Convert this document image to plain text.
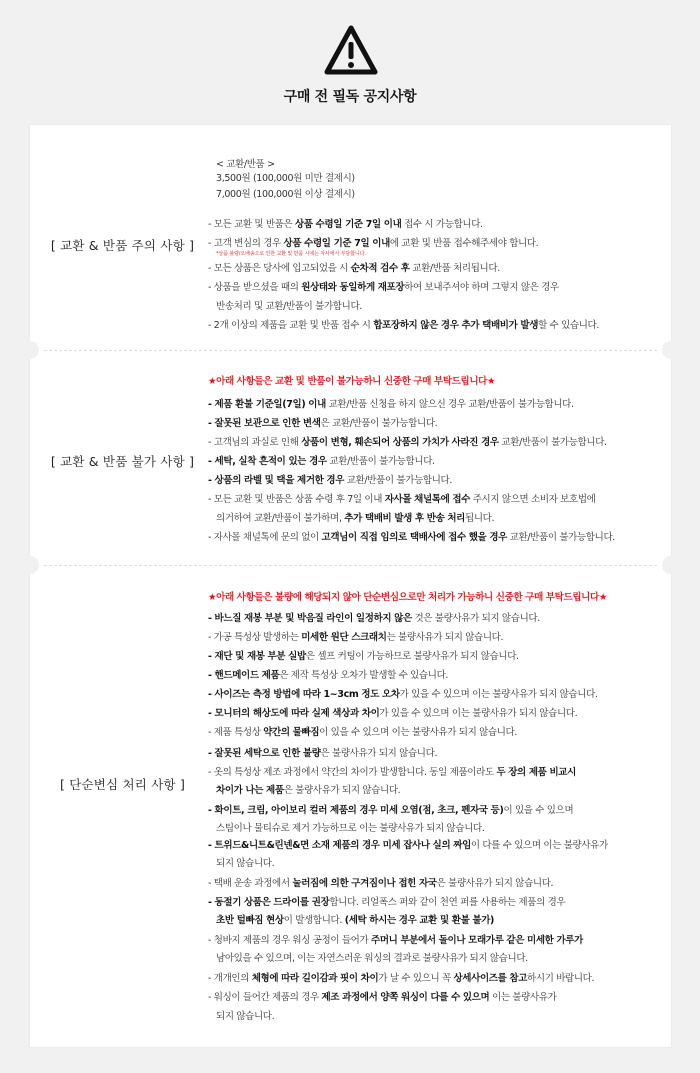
구매 전 필독 공지사항
[ 교환 & 반품 주의 사항 ]
< 교환/반품 >
3,500원 (100,000원 미만 결제시)
7,000원 (100,000원 이상 결제시)
- 모든 교환 및 반품은 상품 수령일 기준 7일 이내 접수 시 가능합니다.
- 고객 변심의 경우 상품 수령일 기준 7일 이내에 교환 및 반품 접수해주세야 합니다.
*상품 불량/오배송으로 인한 교환 및 반품 시에는 자사에서 부담합니다.
- 모든 상품은 당사에 입고되었을 시 순차적 검수 후 교환/반품 처리됩니다.
- 상품을 받으셨을 때의 원상태와 동일하게 재포장하여 보내주셔야 하며 그렇지 않은 경우
반송처리 및 교환/반품이 불가합니다.
- 2개 이상의 제품을 교환 및 반품 접수 시 합포장하지 않은 경우 추가 택배비가 발생할 수 있습니다.
[ 교환 & 반품 불가 사항 ]
★아래 사항들은 교환 및 반품이 불가능하니 신중한 구매 부탁드립니다★
- 제품 환불 기준일(7일) 이내 교환/반품 신청을 하지 않으신 경우 교환/반품이 불가능합니다.
- 잘못된 보관으로 인한 변색은 교환/반품이 불가능합니다.
- 고객님의 과실로 인해 상품이 변형, 훼손되어 상품의 가치가 사라진 경우 교환/반품이 불가능합니다.
- 세탁, 실착 흔적이 있는 경우 교환/반품이 불가능합니다.
- 상품의 라벨 및 택을 제거한 경우 교환/반품이 불가능합니다.
- 모든 교환 및 반품은 상품 수령 후 7일 이내 자사몰 채널톡에 접수 주시지 않으면 소비자 보호법에
의거하여 교환/반품이 불가하며, 추가 택배비 발생 후 반송 처리됩니다.
- 자사몰 채널톡에 문의 없이 고객님이 직접 임의로 택배사에 접수 했을 경우 교환/반품이 불가능합니다.
[ 단순변심 처리 사항 ]
★아래 사항들은 불량에 해당되지 않아 단순변심으로만 처리가 가능하니 신중한 구매 부탁드립니다★
- 바느질 재봉 부분 및 박음질 라인이 일정하지 않은 것은 불량사유가 되지 않습니다.
- 가공 특성상 발생하는 미세한 원단 스크래치는 불량사유가 되지 않습니다.
- 재단 및 재봉 부분 실밥은 셀프 커팅이 가능하므로 불량사유가 되지 않습니다.
- 핸드메이드 제품은 제작 특성상 오차가 발생할 수 있습니다.
- 사이즈는 측정 방법에 따라 1~3cm 정도 오차가 있을 수 있으며 이는 불량사유가 되지 않습니다.
- 모니터의 해상도에 따라 실제 색상과 차이가 있을 수 있으며 이는 불량사유가 되지 않습니다.
- 제품 특성상 약간의 물빠짐이 있을 수 있으며 이는 불량사유가 되지 않습니다.
- 잘못된 세탁으로 인한 불량은 불량사유가 되지 않습니다.
- 옷의 특성상 제조 과정에서 약간의 차이가 발생합니다. 동일 제품이라도 두 장의 제품 비교시
차이가 나는 제품은 불량사유가 되지 않습니다.
- 화이트, 크림, 아이보리 컬러 제품의 경우 미세 오염(점, 초크, 펜자국 등)이 있을 수 있으며
스팀이나 물티슈로 제거 가능하므로 이는 불량사유가 되지 않습니다.
- 트위드&니트&린넨&면 소재 제품의 경우 미세 잡사나 실의 짜임이 다를 수 있으며 이는 불량사유가
되지 않습니다.
- 택배 운송 과정에서 눌러짐에 의한 구겨짐이나 접힌 자국은 불량사유가 되지 않습니다.
- 동절기 상품은 드라이를 권장합니다. 리얼폭스 퍼와 같이 천연 퍼를 사용하는 제품의 경우
초반 털빠짐 현상이 발생합니다. (세탁 하시는 경우 교환 및 환불 불가)
- 청바지 제품의 경우 워싱 공정이 들어가 주머니 부분에서 돌이나 모래가루 같은 미세한 가루가
남아있을 수 있으며, 이는 자연스러운 워싱의 결과로 불량사유가 되지 않습니다.
- 개개인의 체형에 따라 길이감과 핏이 차이가 날 수 있으니 꼭 상세사이즈를 참고하시기 바랍니다.
- 워싱이 들어간 제품의 경우 제조 과정에서 양쪽 워싱이 다를 수 있으며 이는 불량사유가
되지 않습니다.
